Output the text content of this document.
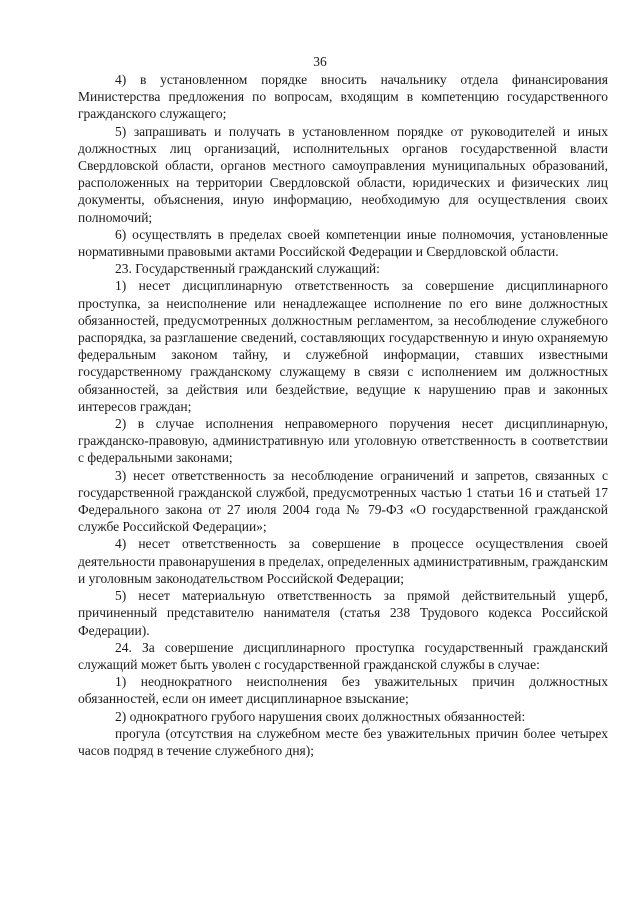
36

4) в установленном порядке вносить начальнику отдела финансирования Министерства предложения по вопросам, входящим в компетенцию государственного гражданского служащего;

5) запрашивать и получать в установленном порядке от руководителей и иных должностных лиц организаций, исполнительных органов государственной власти Свердловской области, органов местного самоуправления муниципальных образований, расположенных на территории Свердловской области, юридических и физических лиц документы, объяснения, иную информацию, необходимую для осуществления своих полномочий;

6) осуществлять в пределах своей компетенции иные полномочия, установленные нормативными правовыми актами Российской Федерации и Свердловской области.

23. Государственный гражданский служащий:

1) несет дисциплинарную ответственность за совершение дисциплинарного проступка, за неисполнение или ненадлежащее исполнение по его вине должностных обязанностей, предусмотренных должностным регламентом, за несоблюдение служебного распорядка, за разглашение сведений, составляющих государственную и иную охраняемую федеральным законом тайну, и служебной информации, ставших известными государственному гражданскому служащему в связи с исполнением им должностных обязанностей, за действия или бездействие, ведущие к нарушению прав и законных интересов граждан;

2) в случае исполнения неправомерного поручения несет дисциплинарную, гражданско-правовую, административную или уголовную ответственность в соответствии с федеральными законами;

3) несет ответственность за несоблюдение ограничений и запретов, связанных с государственной гражданской службой, предусмотренных частью 1 статьи 16 и статьей 17 Федерального закона от 27 июля 2004 года № 79-ФЗ «О государственной гражданской службе Российской Федерации»;

4) несет ответственность за совершение в процессе осуществления своей деятельности правонарушения в пределах, определенных административным, гражданским и уголовным законодательством Российской Федерации;

5) несет материальную ответственность за прямой действительный ущерб, причиненный представителю нанимателя (статья 238 Трудового кодекса Российской Федерации).

24. За совершение дисциплинарного проступка государственный гражданский служащий может быть уволен с государственной гражданской службы в случае:

1) неоднократного неисполнения без уважительных причин должностных обязанностей, если он имеет дисциплинарное взыскание;

2) однократного грубого нарушения своих должностных обязанностей:

прогула (отсутствия на служебном месте без уважительных причин более четырех часов подряд в течение служебного дня);
